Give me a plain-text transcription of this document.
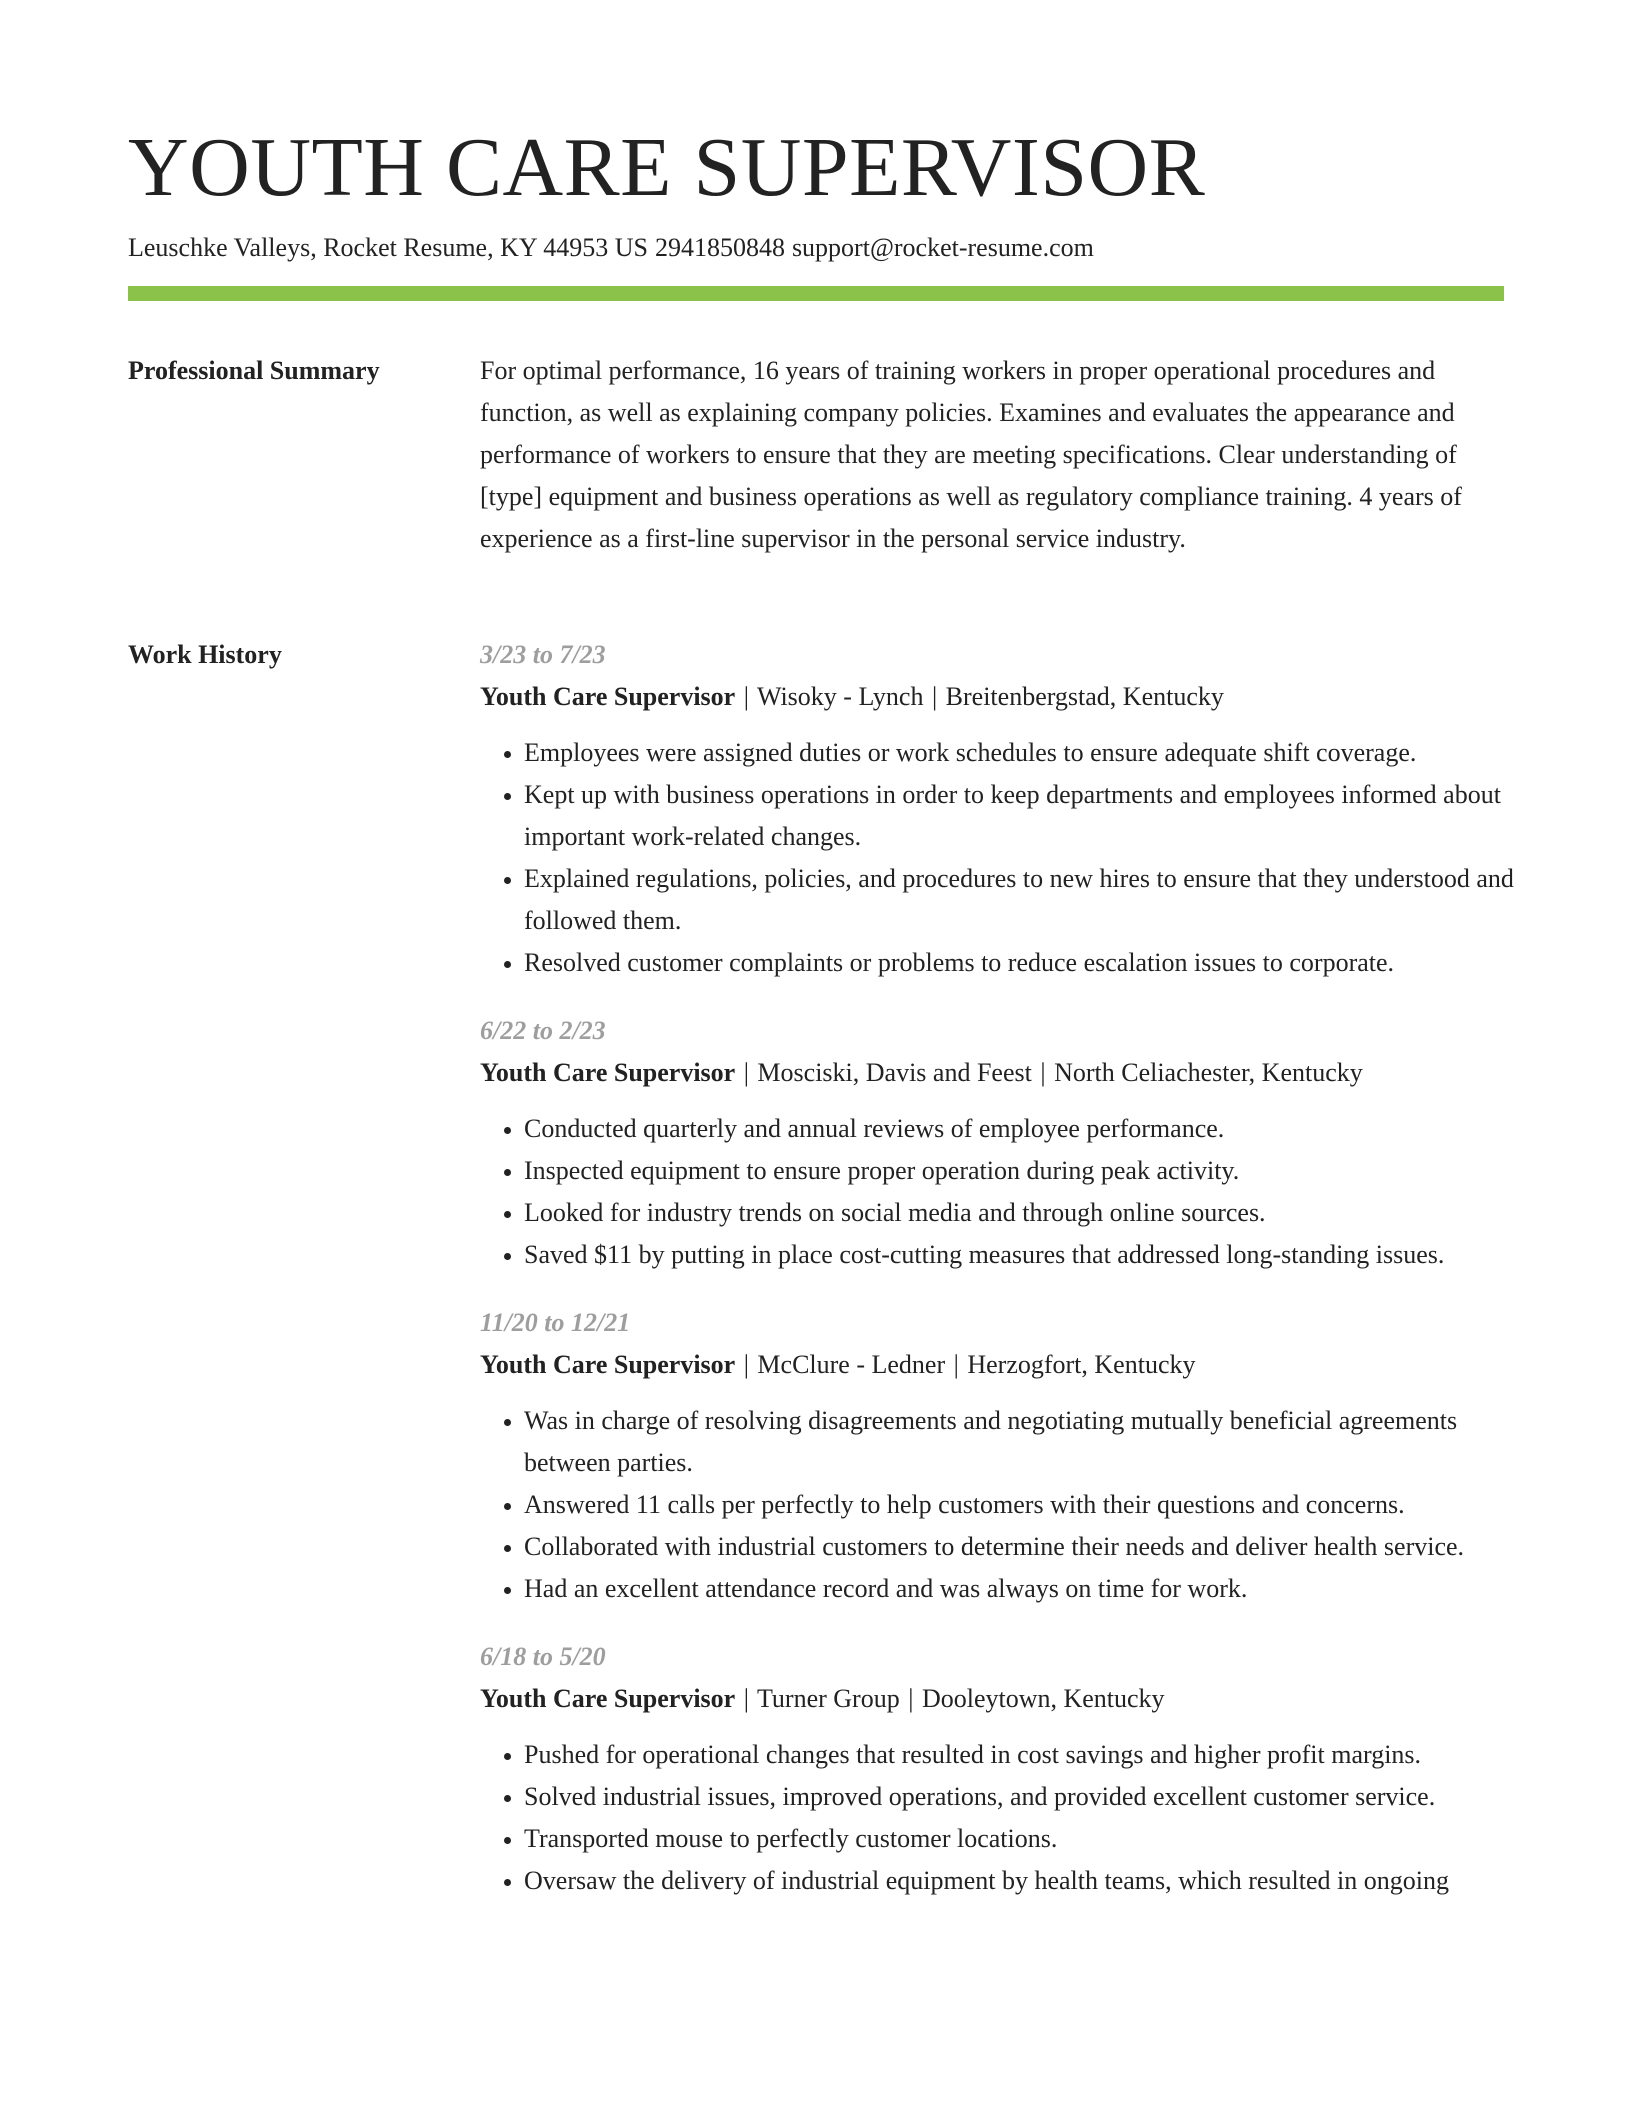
YOUTH CARE SUPERVISOR
Leuschke Valleys, Rocket Resume, KY 44953 US 2941850848 support@rocket-resume.com
Professional Summary	For optimal performance, 16 years of training workers in proper operational procedures and function, as well as explaining company policies. Examines and evaluates the appearance and performance of workers to ensure that they are meeting specifications. Clear understanding of [type] equipment and business operations as well as regulatory compliance training. 4 years of experience as a first-line supervisor in the personal service industry.

Work History	3/23 to 7/23
Youth Care Supervisor | Wisoky - Lynch | Breitenbergstad, Kentucky
• Employees were assigned duties or work schedules to ensure adequate shift coverage.
• Kept up with business operations in order to keep departments and employees informed about important work-related changes.
• Explained regulations, policies, and procedures to new hires to ensure that they understood and followed them.
• Resolved customer complaints or problems to reduce escalation issues to corporate.
6/22 to 2/23
Youth Care Supervisor | Mosciski, Davis and Feest | North Celiachester, Kentucky
• Conducted quarterly and annual reviews of employee performance.
• Inspected equipment to ensure proper operation during peak activity.
• Looked for industry trends on social media and through online sources.
• Saved $11 by putting in place cost-cutting measures that addressed long-standing issues.
11/20 to 12/21
Youth Care Supervisor | McClure - Ledner | Herzogfort, Kentucky
• Was in charge of resolving disagreements and negotiating mutually beneficial agreements between parties.
• Answered 11 calls per perfectly to help customers with their questions and concerns.
• Collaborated with industrial customers to determine their needs and deliver health service.
• Had an excellent attendance record and was always on time for work.
6/18 to 5/20
Youth Care Supervisor | Turner Group | Dooleytown, Kentucky
• Pushed for operational changes that resulted in cost savings and higher profit margins.
• Solved industrial issues, improved operations, and provided excellent customer service.
• Transported mouse to perfectly customer locations.
• Oversaw the delivery of industrial equipment by health teams, which resulted in ongoing
